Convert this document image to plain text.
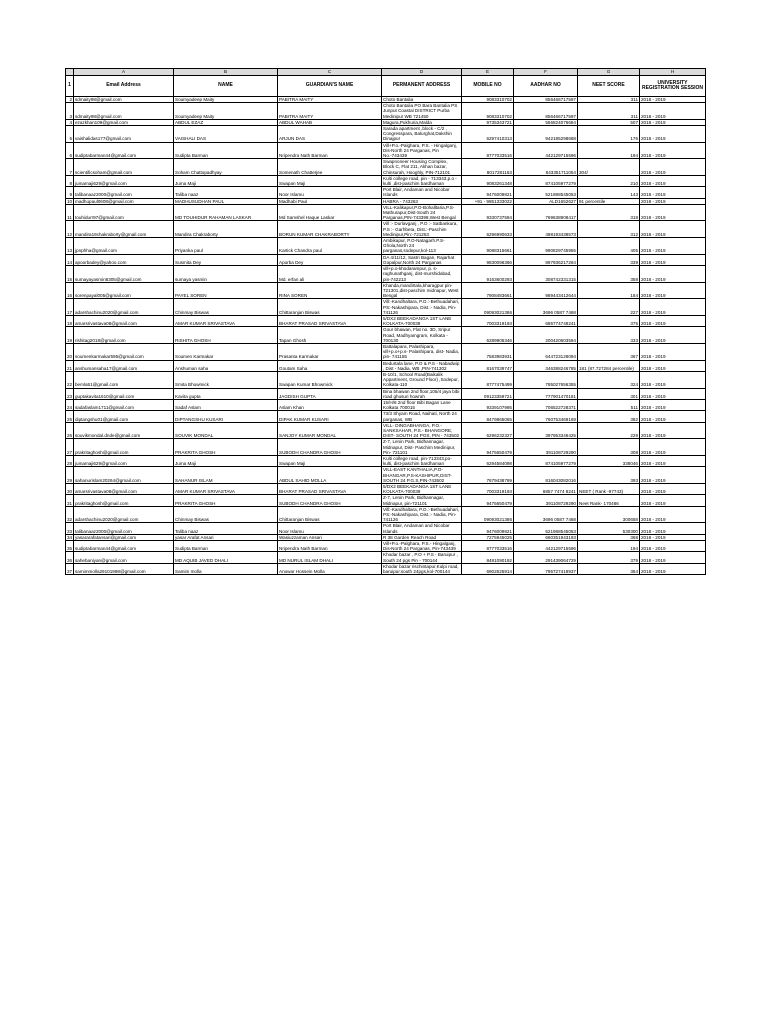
	A	B	C	D	E	F	G	H
1	Email Address	NAME	GUARDIAN'S NAME	PERMANENT ADDRESS	MOBILE NO	AADHAR NO	NEET SCORE	UNIVERSITY REGISTRATION SESSION
2	sdmaity98@gmail.com	Soumyadeep Maity	PABITRA MAITY	Choto Bantalia	9083310702	856466717597	311	2018 - 2019
3	sdmaity98@gmail.com	Soumyadeep Maity	PABITRA MAITY	Choto Bantalia PO Bara Bantalia PS Junput Coastal DISTRICT Purba Medinipur WB 721450	9083310702	856466717597	311	2018 - 2019
4	ezazkhan109@gmail.com	ABDUL EZAZ	ABDUL WAHAB	Magura,Pukhuria,Malda	9735343721	556824076684	507	2018 - 2019
5	vaishalidas177@gmail.com	VAISHALI DAS	ARJUN DAS	Sarada apartment ,block - C/2 , Congresspara, Balurghat,Dakshin Dinajpur	6297410313	942195298688	176	2018 - 2019
6	sudiptabarman44@gmail.com	Sudipta Barman	Nripendra Nath Barman	Vill+P.o.-Palghara, P.S. - Hingalganj, Dis-North 24 Parganas, Pin No.-743439	8777033516	442129715596	194	2018 - 2019
7	scientificsoham@gmail.com	Soham Chattopadhyay	Somenath Chatterjee	Swapnoneer Housing Complex, Block C, Flat 211, Akhan bazar, Chinsurah, Hooghly, PIN-712101	8017281163	843351711054	304/	2018 - 2019
8	jumamaji629@gmail.com	Juma Maji	Swapan Maji	Kulti college road, pin - 713343,p.o -kulti ,dist-paschim bardhaman	9083261348	874105977279	210	2018 - 2019
9	talibanaaz2000@gmail.com	Taliba naaz	Noor Islamu	Port Blair, Andaman and Nicobar Islands	9476009821	521988545053	143	2018 - 2019
10	madhupaul0608@gmail.com	MADHUSUDHAN PAUL	Madhabi Paul	HABRA - 743263	+91 - 9851333022	ALD1652627	91 percentile	2018 - 2019
11	touhidurr97@gmail.com	MD TOUHIDUR RAHAMAN LASKAR	Md Samshel Haque Laskar	VILL-Kalikapur,P.O-Bohalltaria,P.S-Mathurapur,Dist-South 24 Parganas,PIN-743399,West Bengal	9330737594	769638908417	318	2018 - 2019
12	mandira19chakraborty@gmail.com	Mandira Chakraborty	BORUN KUMAR CHAKRABORTY	Vill :- Durlavganj , P.O :- Satbankura, P.S :- Garhbeta, Dist.:-Paschim Medinipur,Pin:-721253	6296990633	498193438573	312	2018 - 2019
13	jpnphha@gmail.com	Priyanka paul	Kartick Chandra paul	Ambikapur, P.O-Natagarh.P.S-Ghola,North 24 parganas,sodepur,kol-113	9088315661	990829745955	405	2018 - 2019
14	apoorbadey@yahoo.com	Susmita Dey	Apurba Dey	DA 4/11/12, Sastri Bagan, Rajarhat Gopalpur,North 24 Parganas	9830096366	897936217264	339	2018 - 2019
15	sumayayasmin8305@gmail.com	sumaya yasmin	Md. erfan ali	vill+p.o-khodarampur, p. s-raghunathganj, dist-murshidabad, pin-742213	9163600293	308742331315	358	2018 - 2019
16	sorenpayal005@gmail.com	PAYEL SOREN	RINA SOREN	Khanda,mandirtala,kharagpur pin-721301,dist-paschim midnapur, West Bengal	7908483661	989443412644	184	2018 - 2019
17	adarshachinu2020@gmail.com	Chinmay Biswas	Chittaranjan Biswas	Vill:-Kandhaltara, P.O.:-Bethuadahari, PS:-Nakashipara, Dist.:- Nadia, Pin- 741126	09093021386	3696 0587 7468	227	2018 - 2019
18	amarsrivastava08@gmail.com	AMAR KUMAR SRIVASTAVA	BHARAT PRASAD SRIVASTAVA	5/DX2 BEEKADANGA 1ST LANE KOLKATA-700039	7003319193	685774748241	375	2018 - 2019
19	rishitag2018@gmail.com	RISHITA GHOSH	Tapan Ghosh	Gour bhawan, Flat no. 3D, Sripur Road, Madhyamgram, Kolkata - 700130	6289906346	200420603594	333	2018 - 2019
20	soumenkarmakar595@gmail.com	Soumen Karmakar	Prasanta Karmakar	Battalapara, Palashipara, vill+p.o+p.s- Palashipara, dist- Nadia, pin- 741155	7583983931	644723128094	367	2018 - 2019
21	anshumansaha17@gmail.com	Anshuman saha	Goutam Saha	Bedurtala lane, P.O & P.S - Nabadwip , Dist - Nadia, WB ,PIN-741302	8167039747	346388246785	181 (87.727284 percentile)	2018 - 2019
22	bemla51@gmail.com	Smita Bhowmick	Swapan Kumar Bhowmick	B-10/1, School Road(Baikalik Appartment, Ground Floor) ,Sodepur, Kolkata-110	8777475499	785027656355	324	2018 - 2019
23	guptakavita1610@gmail.com	Kavita gupta	JAGDISH GUPTA	Bina bhawan 2nd floor,105/4 jaya bibi road ghusuri howrah	09123359721	777901470161	301	2018 - 2019
24	sadafaslam1711@gmail.com	Sadaf Aslam	Aslam Khan	15/H/6 2nd floor Bibi Bagan Lane Kolkata 700015	9339107995	706522728371	511	2018 - 2019
25	diptangshu01@gmail.com	DIPTANGSHU KUSARI	DIPAK KUMAR KUSARI	73/3 Shyam Road, Naihati, North 24 parganas, WB	8479865065	760753469169	382	2018 - 2019
26	souvikmondal.dnde@gmail.com	SOUVIK MONDAL	SANJOY KUMAR MONDAL	VILL- DINGABHANGA, P.O.- SANKSAHAR, P.S.- BHANGORE, DIST- SOUTH 24 PGS, PIN - 743502	6296232327	397953346425	229	2018 - 2019
27	prakritaghosh@gmail.com	PRAKRITA GHOSH	SUBODH CHANDRA GHOSH	Z-7, Lenin Park, Bidhannagar, Midnapur, Dist- Paschim Medinipur, Pin- 721101	9475650479	391108729290	308	2018 - 2019
28	jumamaji629@gmail.com	Juma Maji	Swapan Maji	Kulti college road, pin-713343,po-kulti, dist-paschim bardhaman	6294584098	874105977279	338046	2018 - 2019
29	sahanurislam20264@gmail.com	SAHANUR ISLAM	ABDUL SAHID MOLLA	VILL-EAST KANTHALIA,P.O-BHANGAR,P.S-KASHIPUR,DIST-SOUTH 24 P.G.S,PIN-743502	7679438769	816043082016	393	2018 - 2019
30	amarsrivastava08@gmail.com	AMAR KUMAR SRIVASTAVA	BHARAT PRASAD SRIVASTAVA	5/DX2 BEEKADANGA 1ST LANE KOLKATA-700039	7003319193	6857 7474 8241	NEET ( Rank -97743)	2018 - 2019
31	prakritaghosh@gmail.com	PRAKRITA GHOSH	SUBODH CHANDRA GHOSH	Z-7, Lenin Park, Bidhannagar, Midnapur, pin-721101	9475650479	391108729290	Neet Rank- 170466	2018 - 2019
32	adarshachinu2020@gmail.com	Chinmay Biswas	Chittaranjan Biswas	Vill:-Kandhaltara, P.O.:-Bethuadahari, PS:-Nakashipara, Dist.:- Nadia, Pin- 741126	09093021386	3696 0587 7468	300658	2018 - 2019
33	talibanaaz2000@gmail.com	Taliba naaz	Noor Islamu	Port Blair, Andaman and Nicobar Islands	9476009821	521988545053	530300	2018 - 2019
34	yasararafatansari@gmail.com	yasar Arafat Ansari	Wasiuzzaman Ansari	R 38 Garden Reach Road	7275945025	660351943193	368	2018 - 2019
35	sudiptabarman44@gmail.com	Sudipta Barman	Nripendra Nath Barman	Vill+P.o.-Palghara, P.S.- Hingalganj, Dis-North 24 Parganas, Pin-743439	8777033516	442129715596	194	2018 - 2019
36	sahebaniyan@gmail.com	MD AQUIB JAVED DHALI	MD NURUL ISLAM DHALI	Khodar bazar , P.O + P.S - Baruipur , South 24 pgs Pin - 700144	8481090192	291439064729	379	2018 - 2019
37	samimmolla29101998@gmail.com	Samim molla	Anowar Hossein Molla	Khodar bazar rischintapur,Kulpi road, baruipur.south 24pgs,kol-700144	6902625914	795727418937	364	2018 - 2019
